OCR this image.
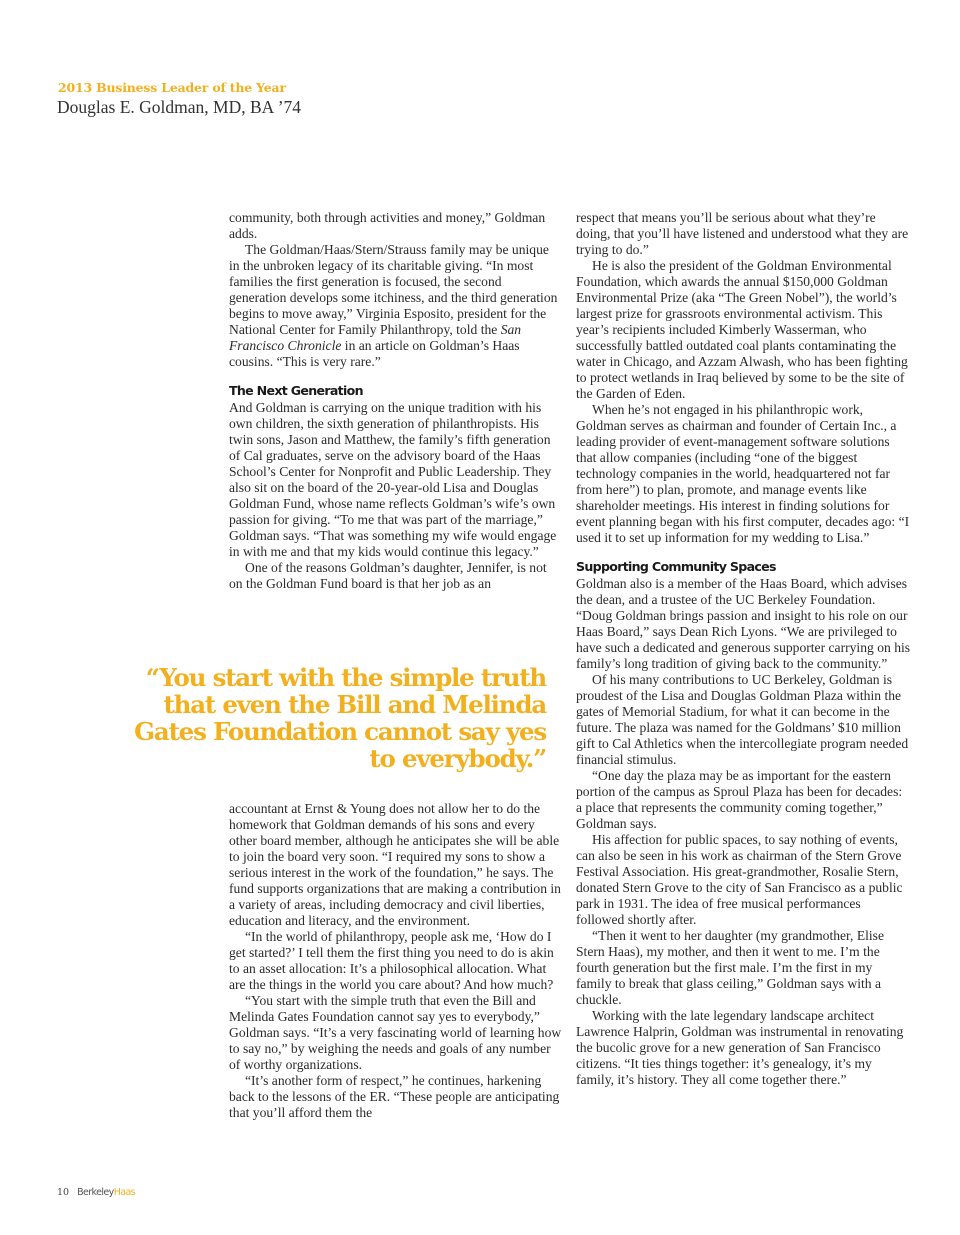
2013 Business Leader of the Year
Douglas E. Goldman, MD, BA ’74

community, both through activities and money,” Goldman adds.

The Goldman/Haas/Stern/Strauss family may be unique in the unbroken legacy of its charitable giving. “In most families the first generation is focused, the second generation develops some itchiness, and the third generation begins to move away,” Virginia Esposito, president for the National Center for Family Philanthropy, told the San Francisco Chronicle in an article on Goldman’s Haas cousins. “This is very rare.”

The Next Generation

And Goldman is carrying on the unique tradition with his own children, the sixth generation of philanthropists. His twin sons, Jason and Matthew, the family’s fifth generation of Cal graduates, serve on the advisory board of the Haas School’s Center for Nonprofit and Public Leadership. They also sit on the board of the 20-year-old Lisa and Douglas Goldman Fund, whose name reflects Goldman’s wife’s own passion for giving. “To me that was part of the marriage,” Goldman says. “That was something my wife would engage in with me and that my kids would continue this legacy.”

One of the reasons Goldman’s daughter, Jennifer, is not on the Goldman Fund board is that her job as an

“You start with the simple truth that even the Bill and Melinda Gates Foundation cannot say yes to everybody.”

accountant at Ernst & Young does not allow her to do the homework that Goldman demands of his sons and every other board member, although he anticipates she will be able to join the board very soon. “I required my sons to show a serious interest in the work of the foundation,” he says. The fund supports organizations that are making a contribution in a variety of areas, including democracy and civil liberties, education and literacy, and the environment.

“In the world of philanthropy, people ask me, ‘How do I get started?’ I tell them the first thing you need to do is akin to an asset allocation: It’s a philosophical allocation. What are the things in the world you care about? And how much?

“You start with the simple truth that even the Bill and Melinda Gates Foundation cannot say yes to everybody,” Goldman says. “It’s a very fascinating world of learning how to say no,” by weighing the needs and goals of any number of worthy organizations.

“It’s another form of respect,” he continues, harkening back to the lessons of the ER. “These people are anticipating that you’ll afford them the

respect that means you’ll be serious about what they’re doing, that you’ll have listened and understood what they are trying to do.”

He is also the president of the Goldman Environmental Foundation, which awards the annual $150,000 Goldman Environmental Prize (aka “The Green Nobel”), the world’s largest prize for grassroots environmental activism. This year’s recipients included Kimberly Wasserman, who successfully battled outdated coal plants contaminating the water in Chicago, and Azzam Alwash, who has been fighting to protect wetlands in Iraq believed by some to be the site of the Garden of Eden.

When he’s not engaged in his philanthropic work, Goldman serves as chairman and founder of Certain Inc., a leading provider of event-management software solutions that allow companies (including “one of the biggest technology companies in the world, headquartered not far from here”) to plan, promote, and manage events like shareholder meetings. His interest in finding solutions for event planning began with his first computer, decades ago: “I used it to set up information for my wedding to Lisa.”

Supporting Community Spaces

Goldman also is a member of the Haas Board, which advises the dean, and a trustee of the UC Berkeley Foundation. “Doug Goldman brings passion and insight to his role on our Haas Board,” says Dean Rich Lyons. “We are privileged to have such a dedicated and generous supporter carrying on his family’s long tradition of giving back to the community.”

Of his many contributions to UC Berkeley, Goldman is proudest of the Lisa and Douglas Goldman Plaza within the gates of Memorial Stadium, for what it can become in the future. The plaza was named for the Goldmans’ $10 million gift to Cal Athletics when the intercollegiate program needed financial stimulus.

“One day the plaza may be as important for the eastern portion of the campus as Sproul Plaza has been for decades: a place that represents the community coming together,” Goldman says.

His affection for public spaces, to say nothing of events, can also be seen in his work as chairman of the Stern Grove Festival Association. His great-grandmother, Rosalie Stern, donated Stern Grove to the city of San Francisco as a public park in 1931. The idea of free musical performances followed shortly after.

“Then it went to her daughter (my grandmother, Elise Stern Haas), my mother, and then it went to me. I’m the fourth generation but the first male. I’m the first in my family to break that glass ceiling,” Goldman says with a chuckle.

Working with the late legendary landscape architect Lawrence Halprin, Goldman was instrumental in renovating the bucolic grove for a new generation of San Francisco citizens. “It ties things together: it’s genealogy, it’s my family, it’s history. They all come together there.”

10 BerkeleyHaas
